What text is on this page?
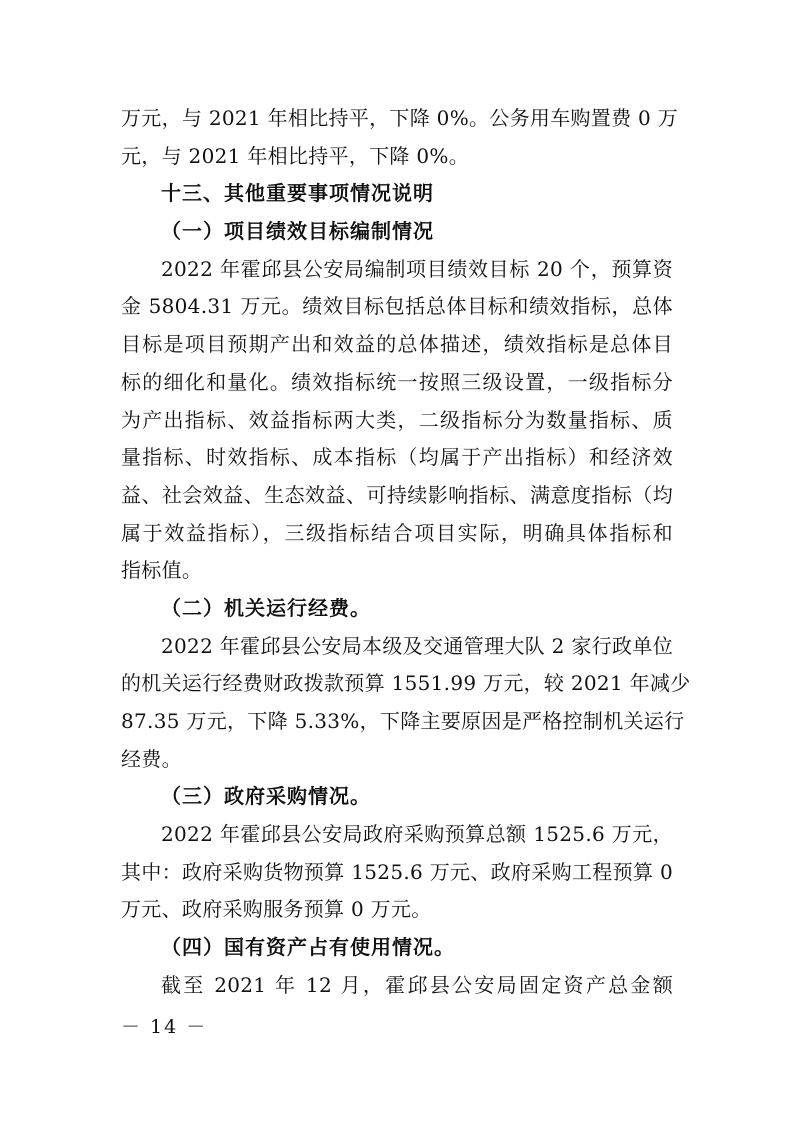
万元，与 2021 年相比持平，下降 0%。公务用车购置费 0 万
元，与 2021 年相比持平，下降 0%。
十三、其他重要事项情况说明
（一）项目绩效目标编制情况
2022 年霍邱县公安局编制项目绩效目标 20 个，预算资
金 5804.31 万元。绩效目标包括总体目标和绩效指标，总体
目标是项目预期产出和效益的总体描述，绩效指标是总体目
标的细化和量化。绩效指标统一按照三级设置，一级指标分
为产出指标、效益指标两大类，二级指标分为数量指标、质
量指标、时效指标、成本指标（均属于产出指标）和经济效
益、社会效益、生态效益、可持续影响指标、满意度指标（均
属于效益指标），三级指标结合项目实际，明确具体指标和
指标值。
（二）机关运行经费。
2022 年霍邱县公安局本级及交通管理大队 2 家行政单位
的机关运行经费财政拨款预算 1551.99 万元，较 2021 年减少
87.35 万元，下降 5.33%，下降主要原因是严格控制机关运行
经费。
（三）政府采购情况。
2022 年霍邱县公安局政府采购预算总额 1525.6 万元，
其中：政府采购货物预算 1525.6 万元、政府采购工程预算 0
万元、政府采购服务预算 0 万元。
（四）国有资产占有使用情况。
截至 2021 年 12 月，霍邱县公安局固定资产总金额
－ 14 －
